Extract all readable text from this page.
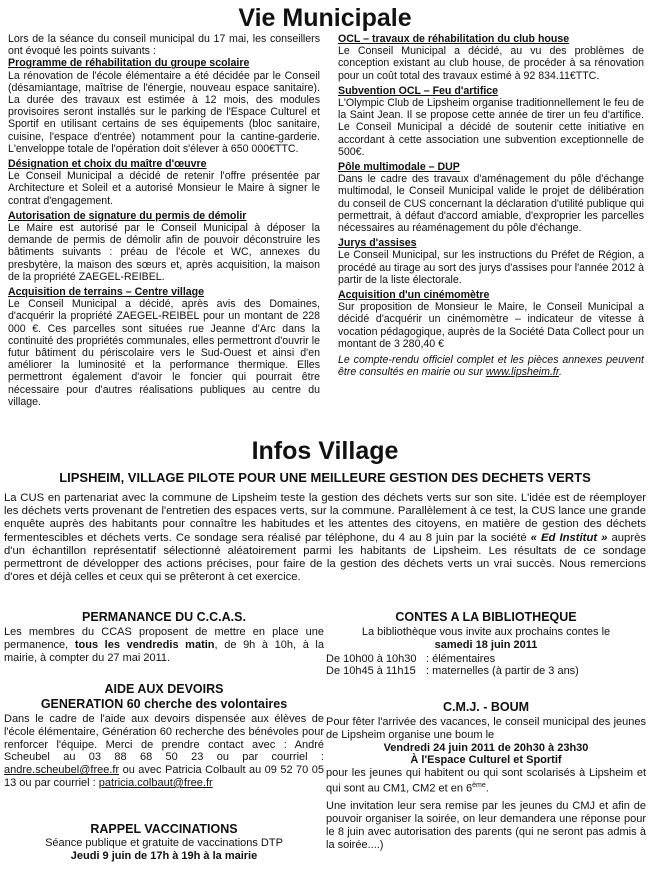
Vie Municipale

Lors de la séance du conseil municipal du 17 mai, les conseillers ont évoqué les points suivants :

Programme de réhabilitation du groupe scolaire

La rénovation de l'école élémentaire a été décidée par le Conseil (désamiantage, maîtrise de l'énergie, nouveau espace sanitaire). La durée des travaux est estimée à 12 mois, des modules provisoires seront installés sur le parking de l'Espace Culturel et Sportif en utilisant certains de ses équipements (bloc sanitaire, cuisine, l'espace d'entrée) notamment pour la cantine-garderie. L'enveloppe totale de l'opération doit s'élever à 650 000€TTC.

Désignation et choix du maître d'œuvre

Le Conseil Municipal a décidé de retenir l'offre présentée par Architecture et Soleil et a autorisé Monsieur le Maire à signer le contrat d'engagement.

Autorisation de signature du permis de démolir

Le Maire est autorisé par le Conseil Municipal à déposer la demande de permis de démolir afin de pouvoir déconstruire les bâtiments suivants : préau de l'école et WC, annexes du presbytère, la maison des sœurs et, après acquisition, la maison de la propriété ZAEGEL-REIBEL.

Acquisition de terrains – Centre village

Le Conseil Municipal a décidé, après avis des Domaines, d'acquérir la propriété ZAEGEL-REIBEL pour un montant de 228 000 €. Ces parcelles sont situées rue Jeanne d'Arc dans la continuité des propriétés communales, elles permettront d'ouvrir le futur bâtiment du périscolaire vers le Sud-Ouest et ainsi d'en améliorer la luminosité et la performance thermique. Elles permettront également d'avoir le foncier qui pourrait être nécessaire pour d'autres réalisations publiques au centre du village.

OCL – travaux de réhabilitation du club house

Le Conseil Municipal a décidé, au vu des problèmes de conception existant au club house, de procéder à sa rénovation pour un coût total des travaux estimé à 92 834.11€TTC.

Subvention OCL – Feu d'artifice

L'Olympic Club de Lipsheim organise traditionnellement le feu de la Saint Jean. Il se propose cette année de tirer un feu d'artifice. Le Conseil Municipal a décidé de soutenir cette initiative en accordant à cette association une subvention exceptionnelle de 500€.

Pôle multimodale – DUP

Dans le cadre des travaux d'aménagement du pôle d'échange multimodal, le Conseil Municipal valide le projet de délibération du conseil de CUS concernant la déclaration d'utilité publique qui permettrait, à défaut d'accord amiable, d'exproprier les parcelles nécessaires au réaménagement du pôle d'échange.

Jurys d'assises

Le Conseil Municipal, sur les instructions du Préfet de Région, a procédé au tirage au sort des jurys d'assises pour l'année 2012 à partir de la liste électorale.

Acquisition d'un cinémomètre

Sur proposition de Monsieur le Maire, le Conseil Municipal a décidé d'acquérir un cinémomètre – indicateur de vitesse à vocation pédagogique, auprès de la Société Data Collect pour un montant de 3 280,40 €

Le compte-rendu officiel complet et les pièces annexes peuvent être consultés en mairie ou sur www.lipsheim.fr.

Infos Village
LIPSHEIM, VILLAGE PILOTE POUR UNE MEILLEURE GESTION DES DECHETS VERTS
La CUS en partenariat avec la commune de Lipsheim teste la gestion des déchets verts sur son site. L'idée est de réemployer les déchets verts provenant de l'entretien des espaces verts, sur la commune. Parallèlement à ce test, la CUS lance une grande enquête auprès des habitants pour connaître les habitudes et les attentes des citoyens, en matière de gestion des déchets fermentescibles et déchets verts. Ce sondage sera réalisé par téléphone, du 4 au 8 juin par la société « Ed Institut » auprès d'un échantillon représentatif sélectionné aléatoirement parmi les habitants de Lipsheim. Les résultats de ce sondage permettront de développer des actions précises, pour faire de la gestion des déchets verts un vrai succès. Nous remercions d'ores et déjà celles et ceux qui se prêteront à cet exercice.
PERMANANCE DU C.C.A.S.
Les membres du CCAS proposent de mettre en place une permanence, tous les vendredis matin, de 9h à 10h, à la mairie, à compter du 27 mai 2011.
AIDE AUX DEVOIRS
GENERATION 60 cherche des volontaires
Dans le cadre de l'aide aux devoirs dispensée aux élèves de l'école élémentaire, Génération 60 recherche des bénévoles pour renforcer l'équipe. Merci de prendre contact avec : André Scheubel au 03 88 68 50 23 ou par courriel : andre.scheubel@free.fr ou avec Patricia Colbault au 09 52 70 05 13 ou par courriel : patricia.colbaut@free.fr
RAPPEL VACCINATIONS

Séance publique et gratuite de vaccinations DTP

Jeudi 9 juin de 17h à 19h à la mairie

CONTES A LA BIBLIOTHEQUE

La bibliothèque vous invite aux prochains contes le

samedi 18 juin 2011

De 10h00 à 10h30 : élémentaires
De 10h45 à 11h15 : maternelles (à partir de 3 ans)
C.M.J. - BOUM

Pour fêter l'arrivée des vacances, le conseil municipal des jeunes de Lipsheim organise une boum le

Vendredi 24 juin 2011 de 20h30 à 23h30

À l'Espace Culturel et Sportif

pour les jeunes qui habitent ou qui sont scolarisés à Lipsheim et qui sont au CM1, CM2 et en 6ème.

Une invitation leur sera remise par les jeunes du CMJ et afin de pouvoir organiser la soirée, on leur demandera une réponse pour le 8 juin avec autorisation des parents (qui ne seront pas admis à la soirée....)
